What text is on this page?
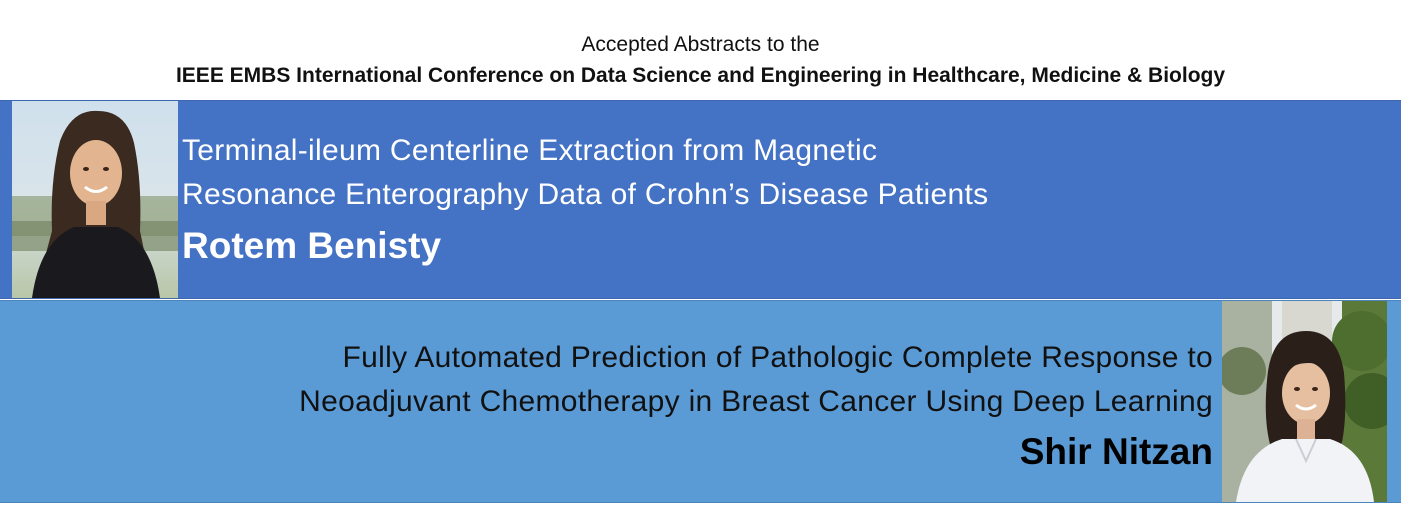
Accepted Abstracts to the
IEEE EMBS International Conference on Data Science and Engineering in Healthcare, Medicine & Biology
Terminal-ileum Centerline Extraction from Magnetic
Resonance Enterography Data of Crohn’s Disease Patients
Rotem Benisty
Fully Automated Prediction of Pathologic Complete Response to
Neoadjuvant Chemotherapy in Breast Cancer Using Deep Learning
Shir Nitzan
